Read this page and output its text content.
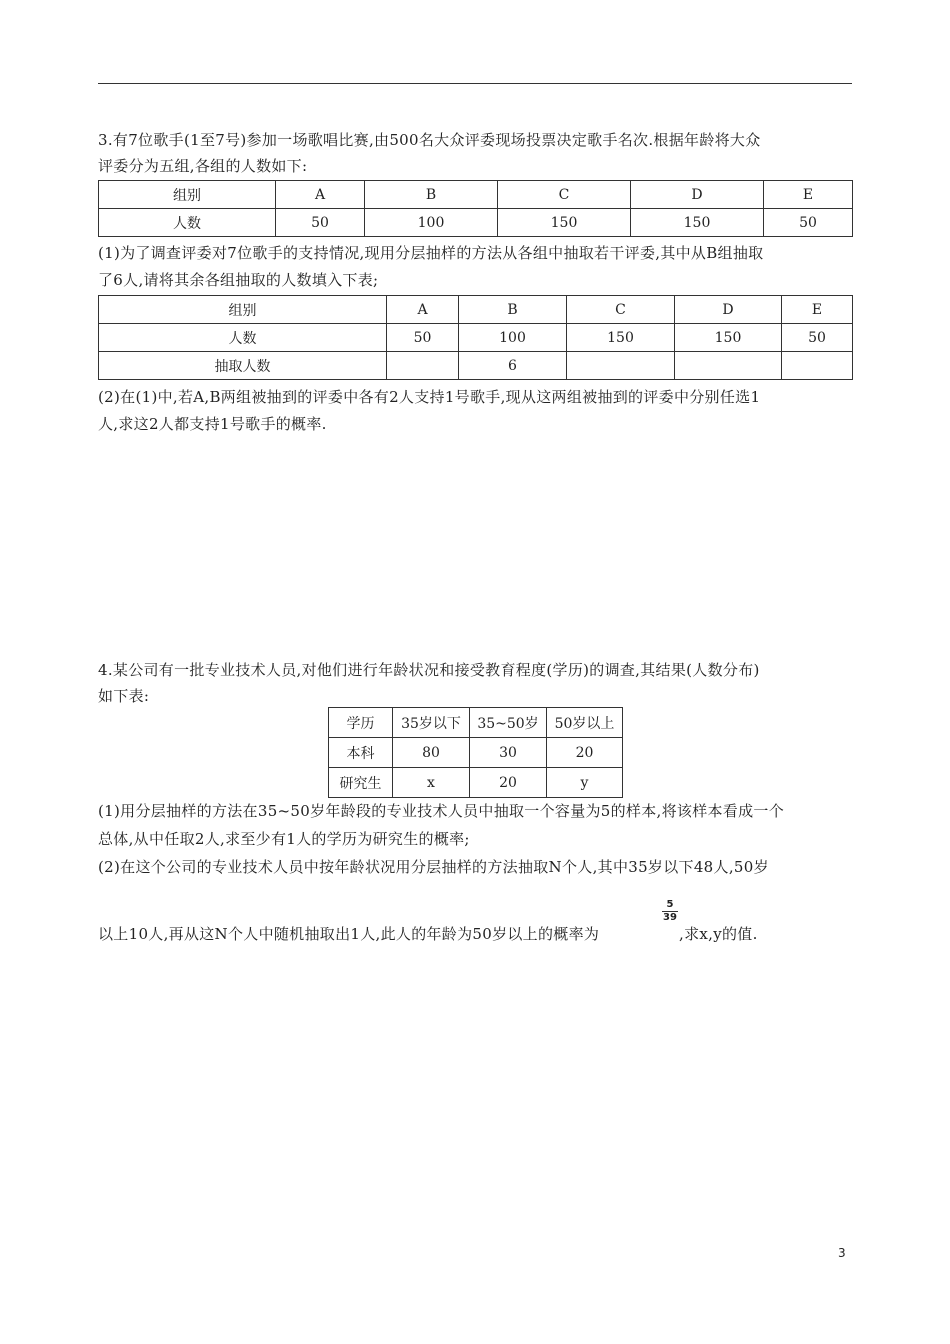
3.有7位歌手(1至7号)参加一场歌唱比赛,由500名大众评委现场投票决定歌手名次.根据年龄将大众
评委分为五组,各组的人数如下:
组别	A	B	C	D	E
人数	50	100	150	150	50
(1)为了调查评委对7位歌手的支持情况,现用分层抽样的方法从各组中抽取若干评委,其中从B组抽取
了6人,请将其余各组抽取的人数填入下表;
组别	A	B	C	D	E
人数	50	100	150	150	50
抽取人数		6			
(2)在(1)中,若A,B两组被抽到的评委中各有2人支持1号歌手,现从这两组被抽到的评委中分别任选1
人,求这2人都支持1号歌手的概率.
4.某公司有一批专业技术人员,对他们进行年龄状况和接受教育程度(学历)的调查,其结果(人数分布)
如下表:
学历	35岁以下	35~50岁	50岁以上
本科	80	30	20
研究生	x	20	y
(1)用分层抽样的方法在35~50岁年龄段的专业技术人员中抽取一个容量为5的样本,将该样本看成一个
总体,从中任取2人,求至少有1人的学历为研究生的概率;
(2)在这个公司的专业技术人员中按年龄状况用分层抽样的方法抽取N个人,其中35岁以下48人,50岁
以上10人,再从这N个人中随机抽取出1人,此人的年龄为50岁以上的概率为
$\frac{5}{39}$
,求x,y的值.
3
